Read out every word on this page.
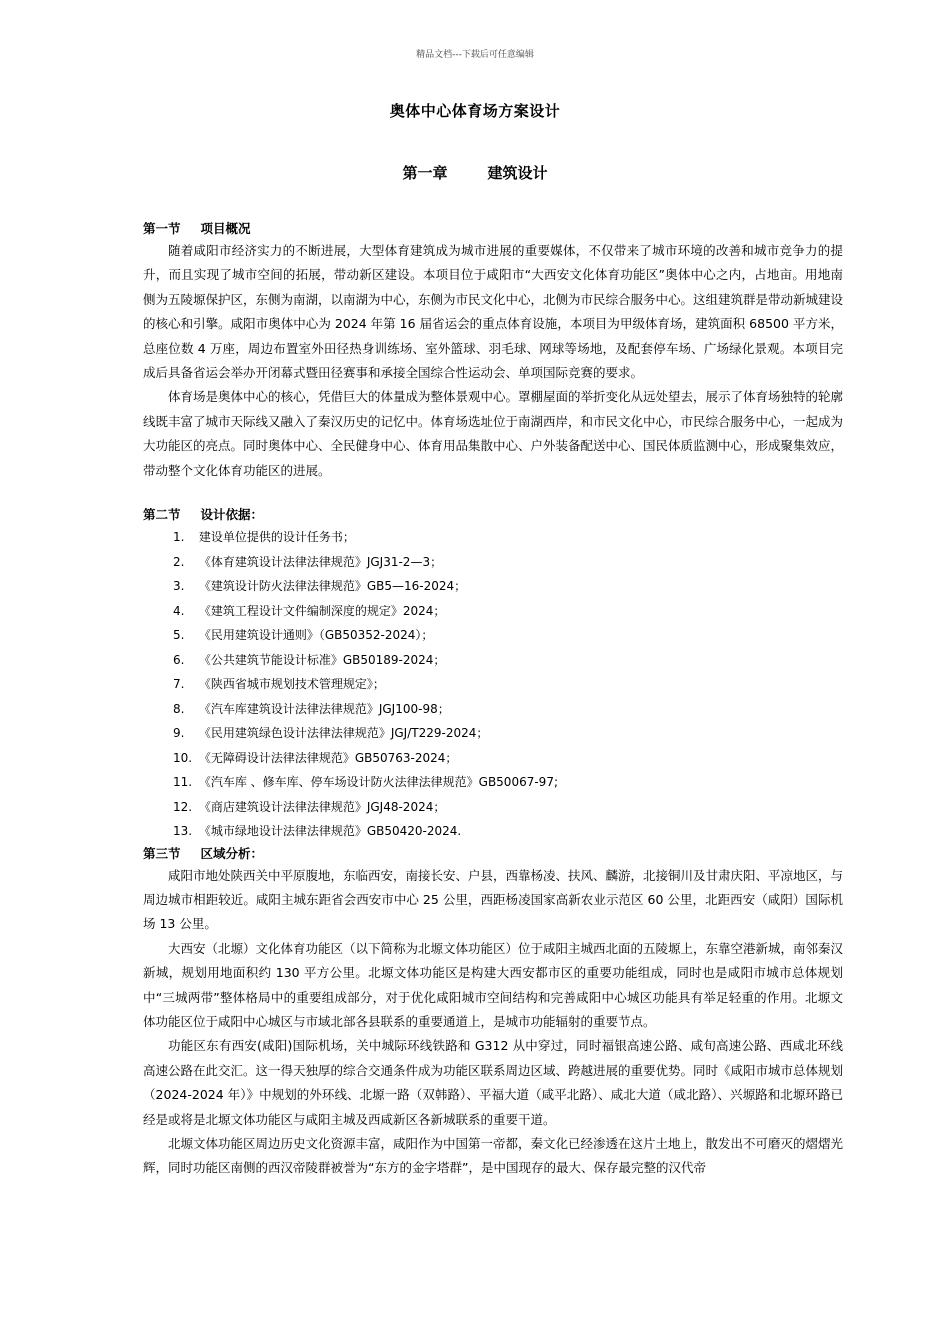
精品文档---下载后可任意编辑
奥体中心体育场方案设计
第一章	建筑设计
第一节 项目概况

随着咸阳市经济实力的不断进展，大型体育建筑成为城市进展的重要媒体，不仅带来了城市环境的改善和城市竞争力的提升，而且实现了城市空间的拓展，带动新区建设。本项目位于咸阳市“大西安文化体育功能区”奥体中心之内，占地亩。用地南侧为五陵塬保护区，东侧为南湖，以南湖为中心，东侧为市民文化中心，北侧为市民综合服务中心。这组建筑群是带动新城建设的核心和引擎。咸阳市奥体中心为 2024 年第 16 届省运会的重点体育设施，本项目为甲级体育场，建筑面积 68500 平方米，总座位数 4 万座，周边布置室外田径热身训练场、室外篮球、羽毛球、网球等场地，及配套停车场、广场绿化景观。本项目完成后具备省运会举办开闭幕式暨田径赛事和承接全国综合性运动会、单项国际竞赛的要求。

体育场是奥体中心的核心，凭借巨大的体量成为整体景观中心。罩棚屋面的举折变化从远处望去，展示了体育场独特的轮廓线既丰富了城市天际线又融入了秦汉历史的记忆中。体育场选址位于南湖西岸，和市民文化中心，市民综合服务中心，一起成为大功能区的亮点。同时奥体中心、全民健身中心、体育用品集散中心、户外装备配送中心、国民体质监测中心，形成聚集效应，带动整个文化体育功能区的进展。

第二节 设计依据：
1. 建设单位提供的设计任务书；
2. 《体育建筑设计法律法律规范》JGJ31-2—3；
3. 《建筑设计防火法律法律规范》GB5—16-2024；
4. 《建筑工程设计文件编制深度的规定》2024；
5. 《民用建筑设计通则》（GB50352-2024）；
6. 《公共建筑节能设计标准》GB50189-2024；
7. 《陕西省城市规划技术管理规定》；
8. 《汽车库建筑设计法律法律规范》JGJ100-98；
9. 《民用建筑绿色设计法律法律规范》JGJ/T229-2024；
10. 《无障碍设计法律法律规范》GB50763-2024；
11. 《汽车库 、修车库、停车场设计防火法律法律规范》GB50067-97;
12. 《商店建筑设计法律法律规范》JGJ48-2024；
13. 《城市绿地设计法律法律规范》GB50420-2024.
第三节 区域分析：

咸阳市地处陕西关中平原腹地，东临西安，南接长安、户县，西靠杨凌、扶风、麟游，北接铜川及甘肃庆阳、平凉地区，与周边城市相距较近。咸阳主城东距省会西安市中心 25 公里，西距杨凌国家高新农业示范区 60 公里，北距西安（咸阳）国际机场 13 公里。

大西安（北塬）文化体育功能区（以下简称为北塬文体功能区）位于咸阳主城西北面的五陵塬上，东靠空港新城，南邻秦汉新城，规划用地面积约 130 平方公里。北塬文体功能区是构建大西安都市区的重要功能组成，同时也是咸阳市城市总体规划中“三城两带”整体格局中的重要组成部分，对于优化咸阳城市空间结构和完善咸阳中心城区功能具有举足轻重的作用。北塬文体功能区位于咸阳中心城区与市域北部各县联系的重要通道上，是城市功能辐射的重要节点。

功能区东有西安(咸阳)国际机场，关中城际环线铁路和 G312 从中穿过，同时福银高速公路、咸旬高速公路、西咸北环线高速公路在此交汇。这一得天独厚的综合交通条件成为功能区联系周边区域、跨越进展的重要优势。同时《咸阳市城市总体规划（2024-2024 年）》中规划的外环线、北塬一路（双韩路）、平福大道（咸平北路）、咸北大道（咸北路）、兴塬路和北塬环路已经是或将是北塬文体功能区与咸阳主城及西咸新区各新城联系的重要干道。

北塬文体功能区周边历史文化资源丰富，咸阳作为中国第一帝都，秦文化已经渗透在这片土地上，散发出不可磨灭的熠熠光辉，同时功能区南侧的西汉帝陵群被誉为“东方的金字塔群”，是中国现存的最大、保存最完整的汉代帝
